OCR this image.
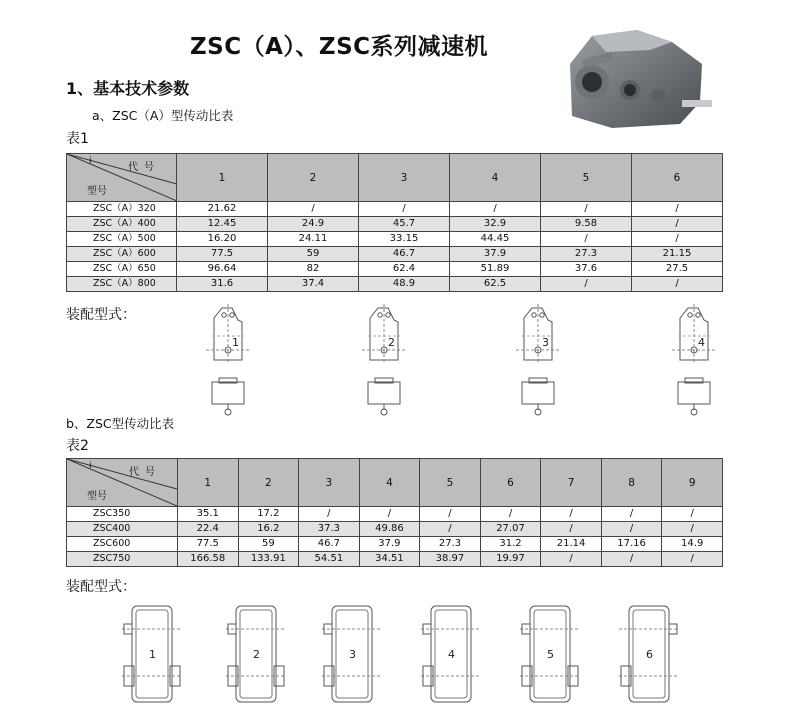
ZSC（A）、ZSC系列减速机
1、基本技术参数
a、ZSC（A）型传动比表
表1
i
代号
型号	1	2	3	4	5	6
ZSC（A）320	21.62	/	/	/	/	/
ZSC（A）400	12.45	24.9	45.7	32.9	9.58	/
ZSC（A）500	16.20	24.11	33.15	44.45	/	/
ZSC（A）600	77.5	59	46.7	37.9	27.3	21.15
ZSC（A）650	96.64	82	62.4	51.89	37.6	27.5
ZSC（A）800	31.6	37.4	48.9	62.5	/	/
装配型式：
1	2	3	4
b、ZSC型传动比表
表2
i
代号
型号	1	2	3	4	5	6	7	8	9
ZSC350	35.1	17.2	/	/	/	/	/	/	/
ZSC400	22.4	16.2	37.3	49.86	/	27.07	/	/	/
ZSC600	77.5	59	46.7	37.9	27.3	31.2	21.14	17.16	14.9
ZSC750	166.58	133.91	54.51	34.51	38.97	19.97	/	/	/
装配型式：
1	2	3	4	5	6
